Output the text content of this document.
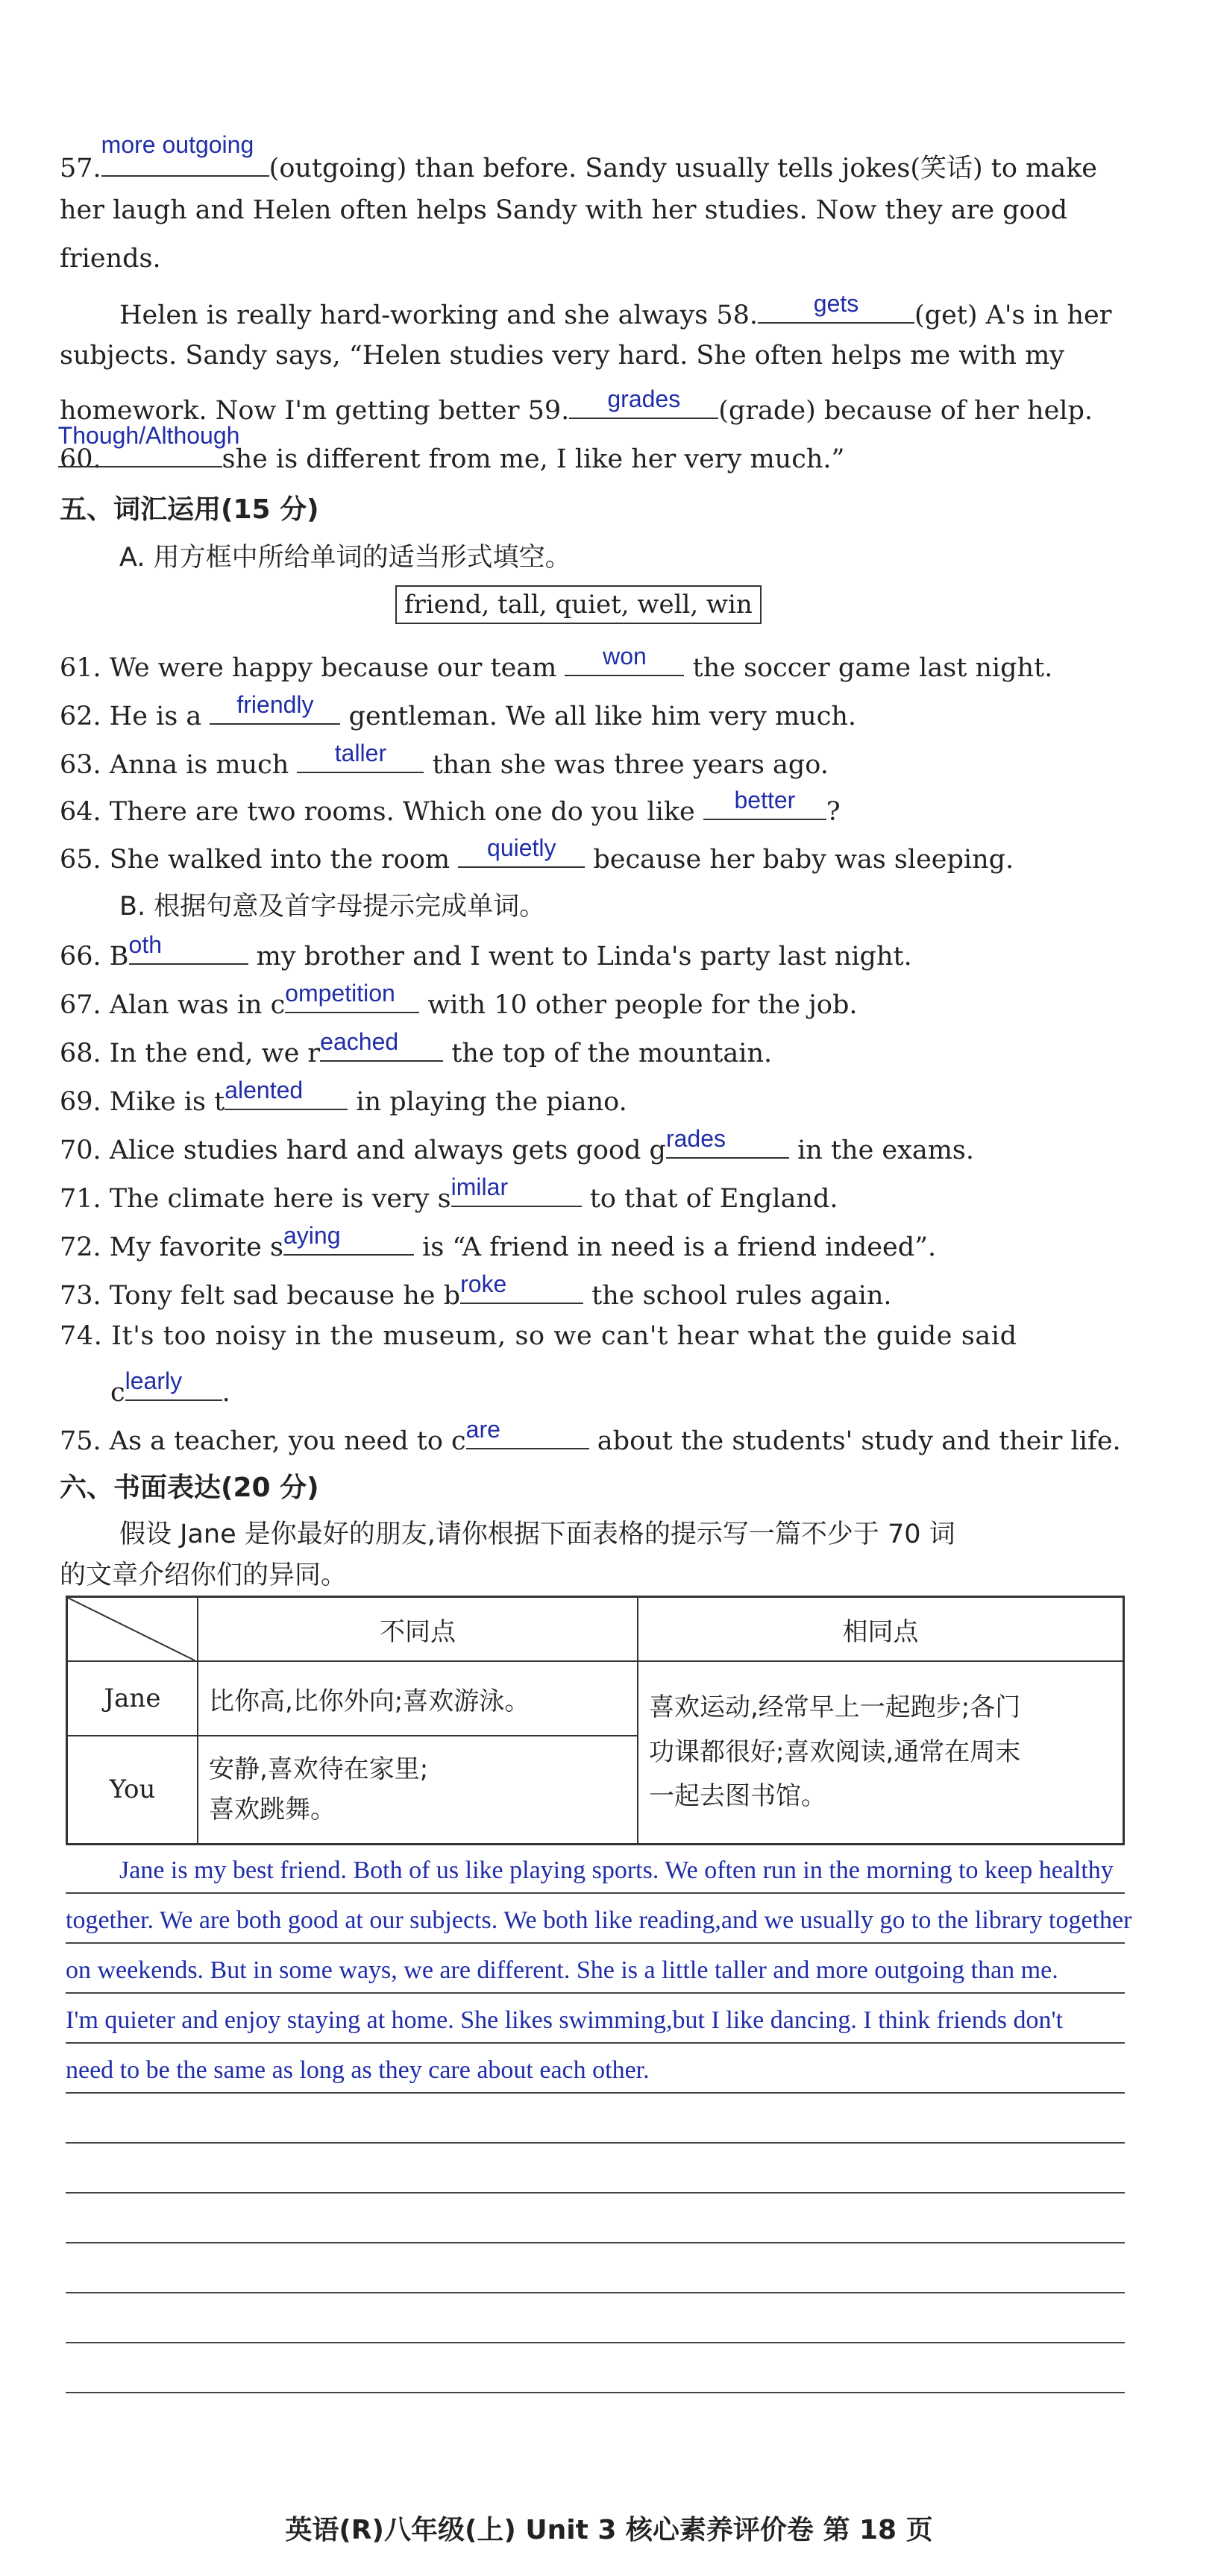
57.
more outgoing
(outgoing) than before. Sandy usually tells jokes(笑话) to make
her laugh and Helen often helps Sandy with her studies. Now they are good
friends.
Helen is really hard-working and she always 58.	gets	(get) A's in her
subjects. Sandy says, “Helen studies very hard. She often helps me with my
homework. Now I'm getting better 59.	grades	(grade) because of her help.
60.
Though/Although
she is different from me, I like her very much.”
五、词汇运用(15 分)
A. 用方框中所给单词的适当形式填空。
friend, tall, quiet, well, win
61. We were happy because our team	won	the soccer game last night.
62. He is a	friendly	gentleman. We all like him very much.
63. Anna is much	taller	than she was three years ago.
64. There are two rooms. Which one do you like	better	?
65. She walked into the room	quietly	because her baby was sleeping.
B. 根据句意及首字母提示完成单词。
66. B oth	my brother and I went to Linda's party last night.
67. Alan was in c ompetition	with 10 other people for the job.
68. In the end, we r eached	the top of the mountain.
69. Mike is t alented	in playing the piano.
70. Alice studies hard and always gets good g rades	in the exams.
71. The climate here is very s imilar	to that of England.
72. My favorite s aying	is “A friend in need is a friend indeed”.
73. Tony felt sad because he b roke	the school rules again.
74. It's too noisy in the museum, so we can't hear what the guide said
c learly	.
75. As a teacher, you need to c are	about the students' study and their life.
六、书面表达(20 分)
假设 Jane 是你最好的朋友,请你根据下面表格的提示写一篇不少于 70 词
的文章介绍你们的异同。
	不同点	相同点
Jane	比你高,比你外向;喜欢游泳。	喜欢运动,经常早上一起跑步;各门
功课都很好;喜欢阅读,通常在周末
一起去图书馆。

You	安静,喜欢待在家里;
喜欢跳舞。	
Jane is my best friend. Both of us like playing sports. We often run in the morning to keep healthy
together. We are both good at our subjects. We both like reading,and we usually go to the library together
on weekends. But in some ways, we are different. She is a little taller and more outgoing than me.
I'm quieter and enjoy staying at home. She likes swimming,but I like dancing. I think friends don't
need to be the same as long as they care about each other.
英语(R)八年级(上) Unit 3 核心素养评价卷 第 18 页
